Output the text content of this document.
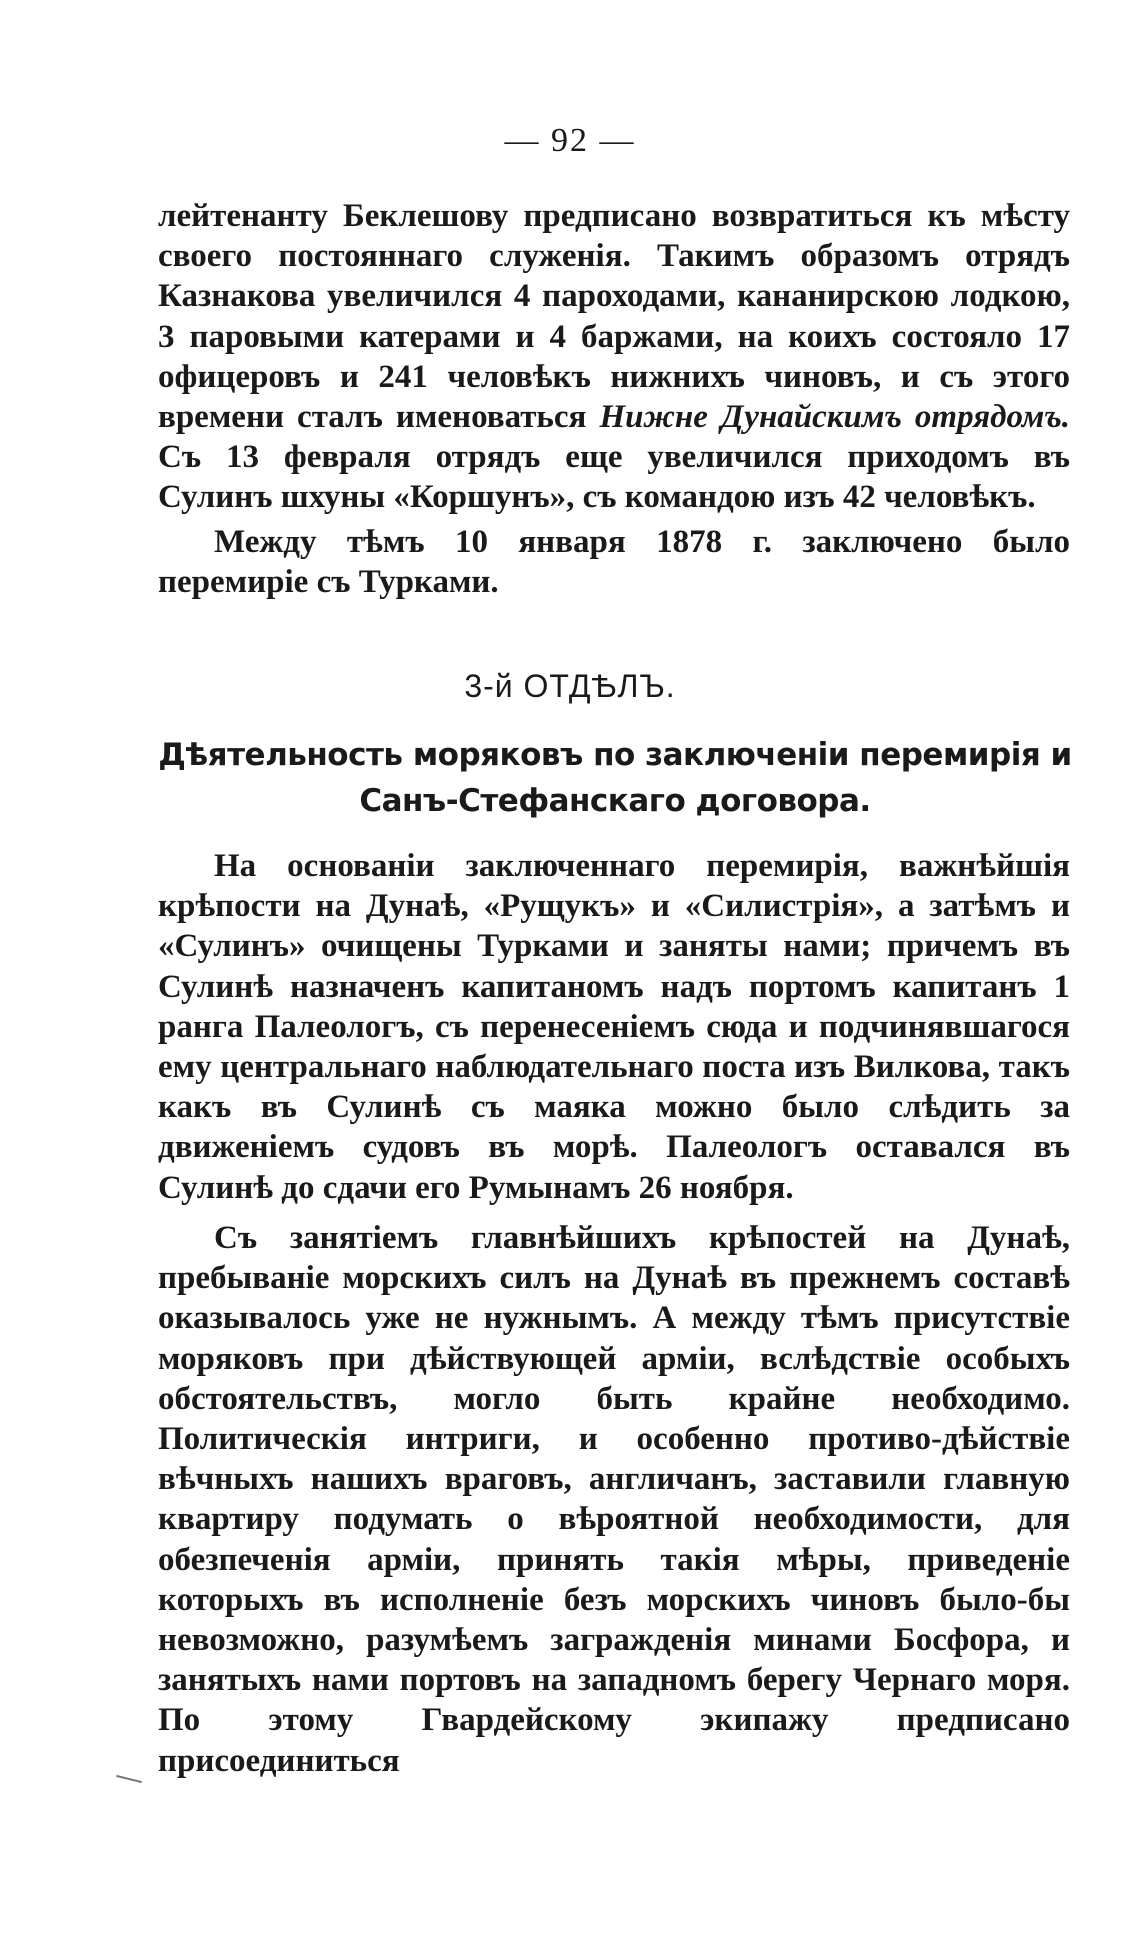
— 92 —

лейтенанту Беклешову предписано возвратиться къ мѣсту своего постояннаго служенія. Такимъ образомъ отрядъ Казнакова увеличился 4 пароходами, кананирскою лодкою, 3 паровыми катерами и 4 баржами, на коихъ состояло 17 офицеровъ и 241 человѣкъ нижнихъ чиновъ, и съ этого времени сталъ именоваться Нижне Дунайскимъ отрядомъ. Съ 13 февраля отрядъ еще увеличился приходомъ въ Сулинъ шхуны «Коршунъ», съ командою изъ 42 человѣкъ.

Между тѣмъ 10 января 1878 г. заключено было перемиріе съ Турками.

3-й ОТДѢЛЪ.
Дѣятельность моряковъ по заключеніи перемирія и
Санъ-Стефанскаго договора.

На основаніи заключеннаго перемирія, важнѣйшія крѣпости на Дунаѣ, «Рущукъ» и «Силистрія», а затѣмъ и «Сулинъ» очищены Турками и заняты нами; причемъ въ Сулинѣ назначенъ капитаномъ надъ портомъ капитанъ 1 ранга Палеологъ, съ перенесеніемъ сюда и подчинявшагося ему центральнаго наблюдательнаго поста изъ Вилкова, такъ какъ въ Сулинѣ съ маяка можно было слѣдить за движеніемъ судовъ въ морѣ. Палеологъ оставался въ Сулинѣ до сдачи его Румынамъ 26 ноября.

Съ занятіемъ главнѣйшихъ крѣпостей на Дунаѣ, пребываніе морскихъ силъ на Дунаѣ въ прежнемъ составѣ оказывалось уже не нужнымъ. А между тѣмъ присутствіе моряковъ при дѣйствующей арміи, вслѣдствіе особыхъ обстоятельствъ, могло быть крайне необходимо. Политическія интриги, и особенно противо-дѣйствіе вѣчныхъ нашихъ враговъ, англичанъ, заставили главную квартиру подумать о вѣроятной необходимости, для обезпеченія арміи, принять такія мѣры, приведеніе которыхъ въ исполненіе безъ морскихъ чиновъ было-бы невозможно, разумѣемъ загражденія минами Босфора, и занятыхъ нами портовъ на западномъ берегу Чернаго моря. По этому Гвардейскому экипажу предписано присоединиться
